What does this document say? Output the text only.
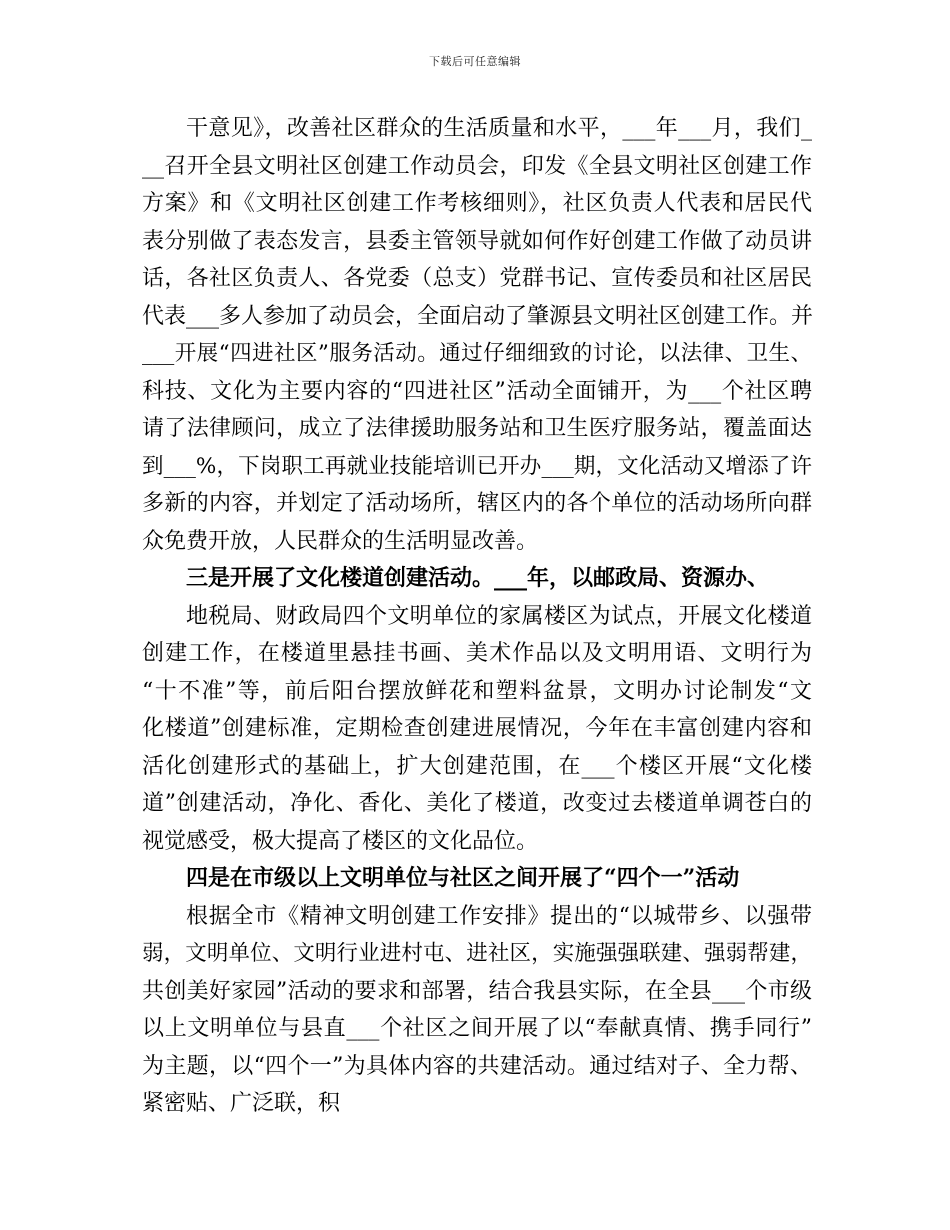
下载后可任意编辑
干意见》，改善社区群众的生活质量和水平，___年___月，我们_
__召开全县文明社区创建工作动员会，印发《全县文明社区创建工作
方案》和《文明社区创建工作考核细则》，社区负责人代表和居民代
表分别做了表态发言，县委主管领导就如何作好创建工作做了动员讲
话，各社区负责人、各党委（总支）党群书记、宣传委员和社区居民
代表___多人参加了动员会，全面启动了肇源县文明社区创建工作。并
___开展“四进社区”服务活动。通过仔细细致的讨论，以法律、卫生、
科技、文化为主要内容的“四进社区”活动全面铺开，为___个社区聘
请了法律顾问，成立了法律援助服务站和卫生医疗服务站，覆盖面达
到___%，下岗职工再就业技能培训已开办___期，文化活动又增添了许
多新的内容，并划定了活动场所，辖区内的各个单位的活动场所向群
众免费开放，人民群众的生活明显改善。
三是开展了文化楼道创建活动。___年，以邮政局、资源办、
地税局、财政局四个文明单位的家属楼区为试点，开展文化楼道
创建工作，在楼道里悬挂书画、美术作品以及文明用语、文明行为
“十不准”等，前后阳台摆放鲜花和塑料盆景，文明办讨论制发“文
化楼道”创建标准，定期检查创建进展情况，今年在丰富创建内容和
活化创建形式的基础上，扩大创建范围，在___个楼区开展“文化楼
道”创建活动，净化、香化、美化了楼道，改变过去楼道单调苍白的
视觉感受，极大提高了楼区的文化品位。
四是在市级以上文明单位与社区之间开展了“四个一”活动
根据全市《精神文明创建工作安排》提出的“以城带乡、以强带
弱，文明单位、文明行业进村屯、进社区，实施强强联建、强弱帮建，
共创美好家园”活动的要求和部署，结合我县实际，在全县___个市级
以上文明单位与县直___个社区之间开展了以“奉献真情、携手同行”
为主题，以“四个一”为具体内容的共建活动。通过结对子、全力帮、
紧密贴、广泛联，积
